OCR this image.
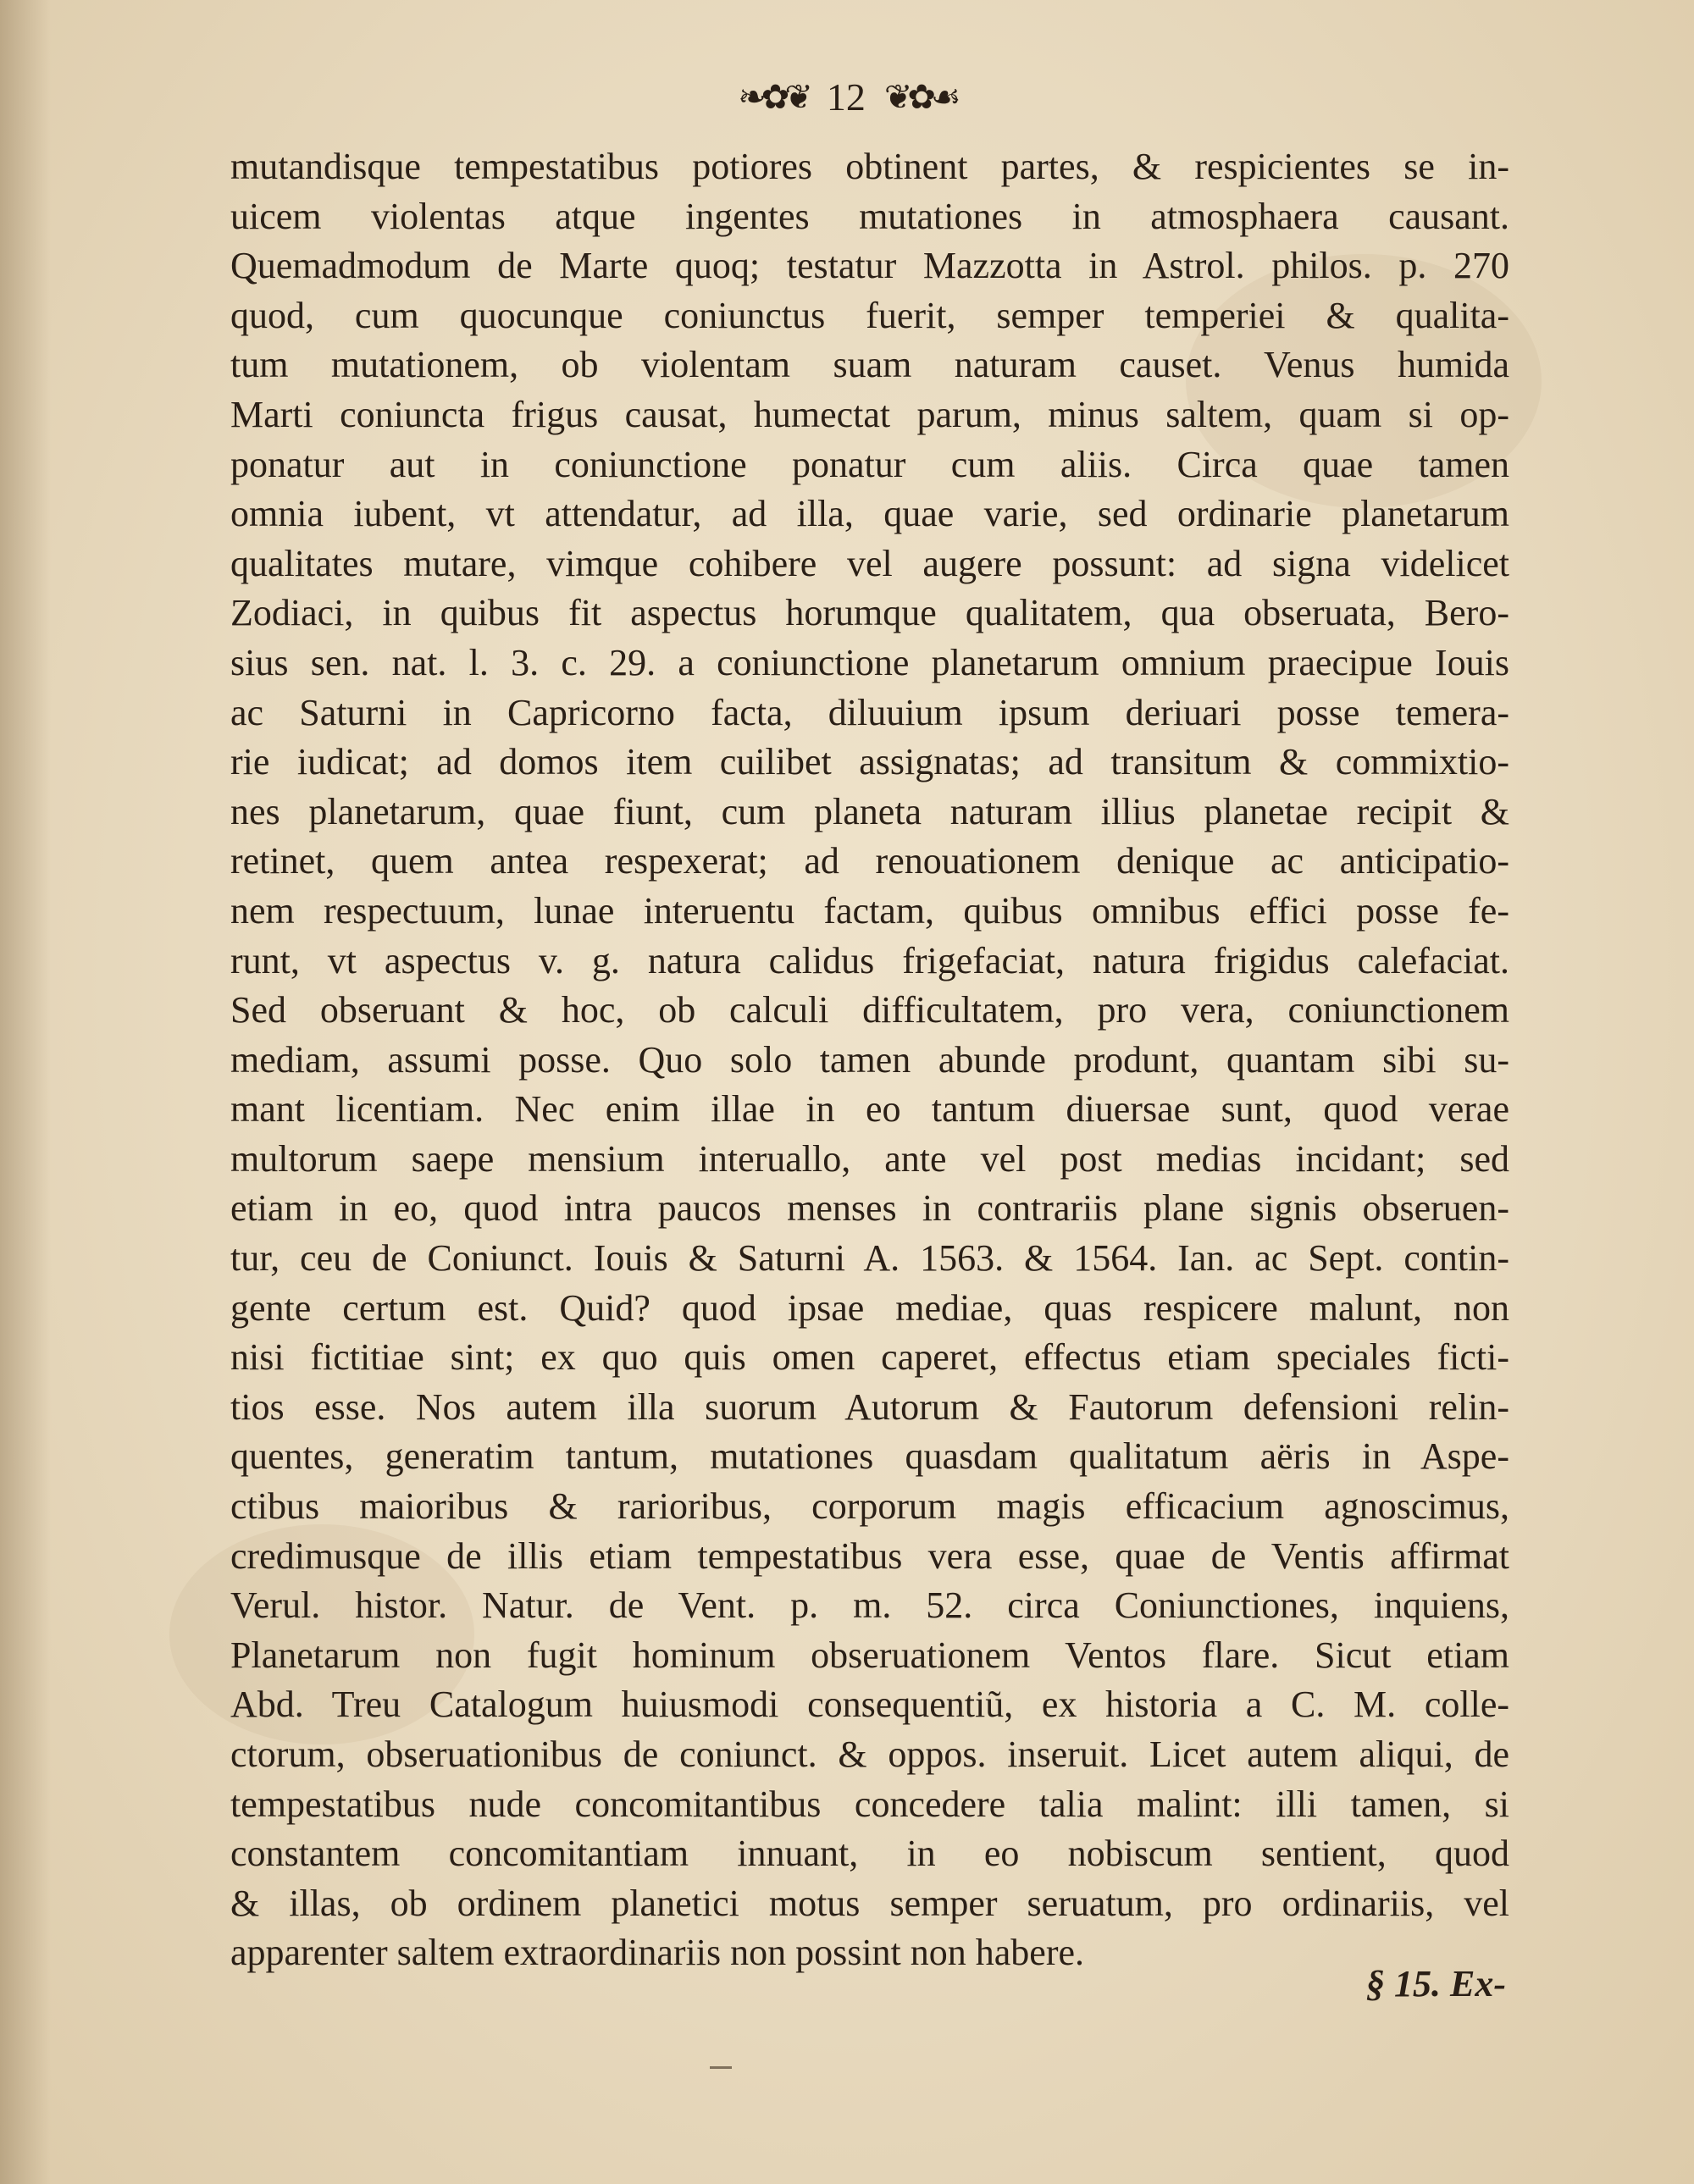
❧✿❦ 12 ❦✿☙
mutandisque tempestatibus potiores obtinent partes, & respicientes se in-
uicem violentas atque ingentes mutationes in atmosphaera causant.
Quemadmodum de Marte quoq; testatur Mazzotta in Astrol. philos. p. 270
quod, cum quocunque coniunctus fuerit, semper temperiei & qualita-
tum mutationem, ob violentam suam naturam causet. Venus humida
Marti coniuncta frigus causat, humectat parum, minus saltem, quam si op-
ponatur aut in coniunctione ponatur cum aliis. Circa quae tamen
omnia iubent, vt attendatur, ad illa, quae varie, sed ordinarie planetarum
qualitates mutare, vimque cohibere vel augere possunt: ad signa videlicet
Zodiaci, in quibus fit aspectus horumque qualitatem, qua obseruata, Bero-
sius sen. nat. l. 3. c. 29. a coniunctione planetarum omnium praecipue Iouis
ac Saturni in Capricorno facta, diluuium ipsum deriuari posse temera-
rie iudicat; ad domos item cuilibet assignatas; ad transitum & commixtio-
nes planetarum, quae fiunt, cum planeta naturam illius planetae recipit &
retinet, quem antea respexerat; ad renouationem denique ac anticipatio-
nem respectuum, lunae interuentu factam, quibus omnibus effici posse fe-
runt, vt aspectus v. g. natura calidus frigefaciat, natura frigidus calefaciat.
Sed obseruant & hoc, ob calculi difficultatem, pro vera, coniunctionem
mediam, assumi posse. Quo solo tamen abunde produnt, quantam sibi su-
mant licentiam. Nec enim illae in eo tantum diuersae sunt, quod verae
multorum saepe mensium interuallo, ante vel post medias incidant; sed
etiam in eo, quod intra paucos menses in contrariis plane signis obseruen-
tur, ceu de Coniunct. Iouis & Saturni A. 1563. & 1564. Ian. ac Sept. contin-
gente certum est. Quid? quod ipsae mediae, quas respicere malunt, non
nisi fictitiae sint; ex quo quis omen caperet, effectus etiam speciales ficti-
tios esse. Nos autem illa suorum Autorum & Fautorum defensioni relin-
quentes, generatim tantum, mutationes quasdam qualitatum aëris in Aspe-
ctibus maioribus & rarioribus, corporum magis efficacium agnoscimus,
credimusque de illis etiam tempestatibus vera esse, quae de Ventis affirmat
Verul. histor. Natur. de Vent. p. m. 52. circa Coniunctiones, inquiens,
Planetarum non fugit hominum obseruationem Ventos flare. Sicut etiam
Abd. Treu Catalogum huiusmodi consequentiũ, ex historia a C. M. colle-
ctorum, obseruationibus de coniunct. & oppos. inseruit. Licet autem aliqui, de
tempestatibus nude concomitantibus concedere talia malint: illi tamen, si
constantem concomitantiam innuant, in eo nobiscum sentient, quod
& illas, ob ordinem planetici motus semper seruatum, pro ordinariis, vel
apparenter saltem extraordinariis non possint non habere.
§ 15. Ex-
